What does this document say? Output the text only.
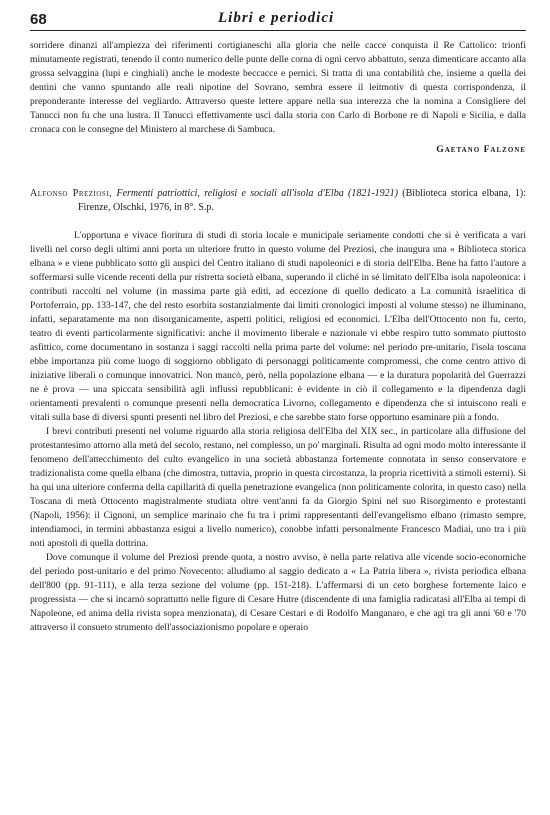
68	Libri e periodici

sorridere dinanzi all'ampiezza dei riferimenti cortigianeschi alla gloria che nelle cacce conquista il Re Cattolico: trionfi minutamente registrati, tenendo il conto numerico delle punte delle corna di ogni cervo abbattuto, senza dimenticare accanto alla grossa selvaggina (lupi e cinghiali) anche le modeste beccacce e pernici. Si tratta di una contabilità che, insieme a quella dei dentini che vanno spuntando alle reali nipotine del Sovrano, sembra essere il leitmotiv di questa corrispondenza, il preponderante interesse del vegliardo. Attraverso queste lettere appare nella sua interezza che la nomina a Consigliere del Tanucci non fu che una lustra. Il Tanucci effettivamente uscì dalla storia con Carlo di Borbone re di Napoli e Sicilia, e dalla cronaca con le consegne del Ministero al marchese di Sambuca.

Gaetano Falzone

Alfonso Preziosi, Fermenti patriottici, religiosi e sociali all'isola d'Elba (1821-1921) (Biblioteca storica elbana, 1): Firenze, Olschki, 1976, in 8°. S.p.

L'opportuna e vivace fioritura di studi di storia locale e municipale seriamente condotti che si è verificata a vari livelli nel corso degli ultimi anni porta un ulteriore frutto in questo volume del Preziosi, che inaugura una « Biblioteca storica elbana » e viene pubblicato sotto gli auspici del Centro italiano di studi napoleonici e di storia dell'Elba. Bene ha fatto l'autore a soffermarsi sulle vicende recenti della pur ristretta società elbana, superando il cliché in sé limitato dell'Elba isola napoleonica: i contributi raccolti nel volume (in massima parte già editi, ad eccezione di quello dedicato a La comunità israelitica di Portoferraio, pp. 133-147, che del resto esorbita sostanzialmente dai limiti cronologici imposti al volume stesso) ne illuminano, infatti, separatamente ma non disorganicamente, aspetti politici, religiosi ed economici. L'Elba dell'Ottocento non fu, certo, teatro di eventi particolarmente significativi: anche il movimento liberale e nazionale vi ebbe respiro tutto sommato piuttosto asfittico, come documentano in sostanza i saggi raccolti nella prima parte del volume: nel periodo pre-unitario, l'isola toscana ebbe importanza più come luogo di soggiorno obbligato di personaggi politicamente compromessi, che come centro attivo di iniziative liberali o comunque innovatrici. Non mancò, però, nella popolazione elbana — e la duratura popolarità del Guerrazzi ne è prova — una spiccata sensibilità agli influssi repubblicani: è evidente in ciò il collegamento e la dipendenza dagli orientamenti prevalenti o comunque presenti nella democratica Livorno, collegamento e dipendenza che si intuiscono reali e vitali sulla base di diversi spunti presenti nel libro del Preziosi, e che sarebbe stato forse opportuno esaminare più a fondo.

I brevi contributi presenti nel volume riguardo alla storia religiosa dell'Elba del XIX sec., in particolare alla diffusione del protestantesimo attorno alla metà del secolo, restano, nel complesso, un po' marginali. Risulta ad ogni modo molto interessante il fenomeno dell'attecchimento del culto evangelico in una società abbastanza fortemente connotata in senso conservatore e tradizionalista come quella elbana (che dimostra, tuttavia, proprio in questa circostanza, la propria ricettività a stimoli esterni). Si ha qui una ulteriore conferma della capillarità di quella penetrazione evangelica (non politicamente colorita, in questo caso) nella Toscana di metà Ottocento magistralmente studiata oltre vent'anni fa da Giorgio Spini nel suo Risorgimento e protestanti (Napoli, 1956): il Cignoni, un semplice marinaio che fu tra i primi rappresentanti dell'evangelismo elbano (rimasto sempre, intendiamoci, in termini abbastanza esigui a livello numerico), conobbe infatti personalmente Francesco Madiai, uno tra i più noti apostoli di quella dottrina.

Dove comunque il volume del Preziosi prende quota, a nostro avviso, è nella parte relativa alle vicende socio-economiche del periodo post-unitario e del primo Novecento: alludiamo al saggio dedicato a « La Patria libera », rivista periodica elbana dell'800 (pp. 91-111), e alla terza sezione del volume (pp. 151-218). L'affermarsi di un ceto borghese fortemente laico e progressista — che si incarnò soprattutto nelle figure di Cesare Hutre (discendente di una famiglia radicatasi all'Elba ai tempi di Napoleone, ed anima della rivista sopra menzionata), di Cesare Cestari e di Rodolfo Manganaro, e che agì tra gli anni '60 e '70 attraverso il consueto strumento dell'associazionismo popolare e operaio
